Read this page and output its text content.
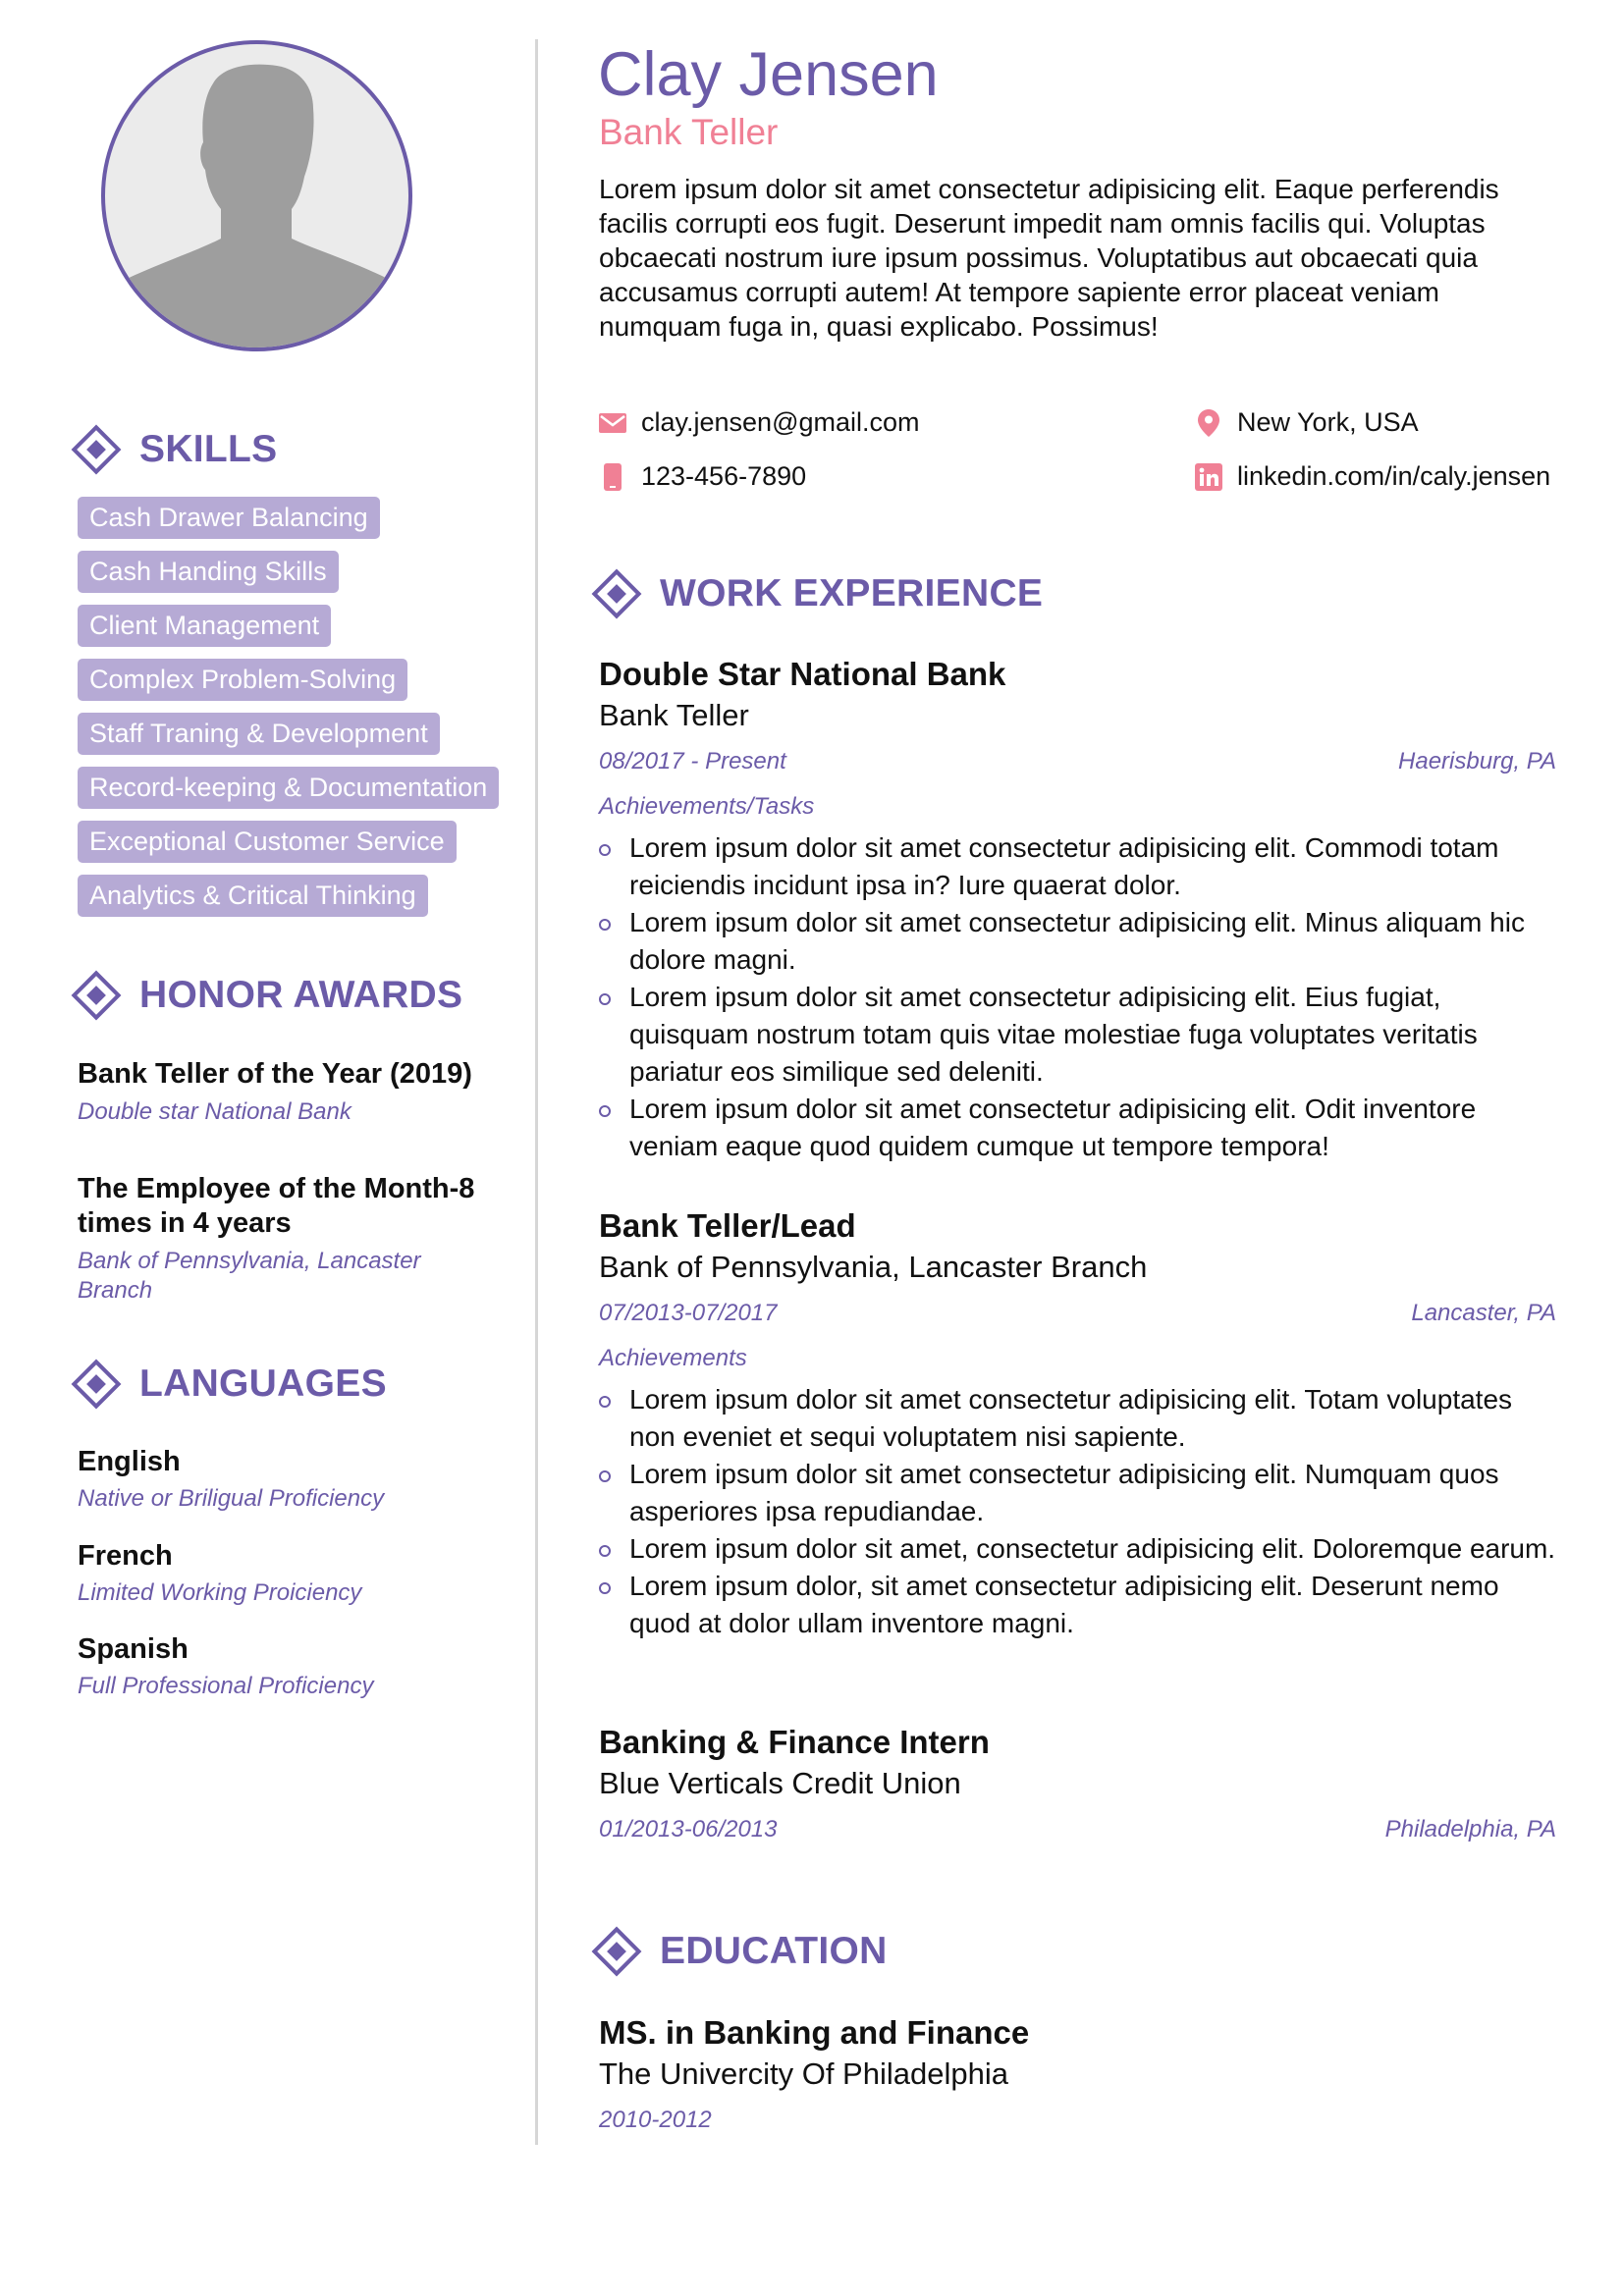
SKILLS
Cash Drawer Balancing
Cash Handing Skills
Client Management
Complex Problem-Solving
Staff Traning & Development
Record-keeping & Documentation
Exceptional Customer Service
Analytics & Critical Thinking
HONOR AWARDS
Bank Teller of the Year (2019)
Double star National Bank
The Employee of the Month-8 times in 4 years
Bank of Pennsylvania, Lancaster Branch
LANGUAGES
English
Native or Briligual Proficiency
French
Limited Working Proiciency
Spanish
Full Professional Proficiency
Clay Jensen
Bank Teller
Lorem ipsum dolor sit amet consectetur adipisicing elit. Eaque perferendis facilis corrupti eos fugit. Deserunt impedit nam omnis facilis qui. Voluptas obcaecati nostrum iure ipsum possimus. Voluptatibus aut obcaecati quia accusamus corrupti autem! At tempore sapiente error placeat veniam numquam fuga in, quasi explicabo. Possimus!
clay.jensen@gmail.com
123-456-7890
New York, USA
linkedin.com/in/caly.jensen
WORK EXPERIENCE
Double Star National Bank
Bank Teller
08/2017 - Present	Haerisburg, PA
Achievements/Tasks
Lorem ipsum dolor sit amet consectetur adipisicing elit. Commodi totam reiciendis incidunt ipsa in? Iure quaerat dolor.
Lorem ipsum dolor sit amet consectetur adipisicing elit. Minus aliquam hic dolore magni.
Lorem ipsum dolor sit amet consectetur adipisicing elit. Eius fugiat, quisquam nostrum totam quis vitae molestiae fuga voluptates veritatis pariatur eos similique sed deleniti.
Lorem ipsum dolor sit amet consectetur adipisicing elit. Odit inventore veniam eaque quod quidem cumque ut tempore tempora!
Bank Teller/Lead
Bank of Pennsylvania, Lancaster Branch
07/2013-07/2017	Lancaster, PA
Achievements
Lorem ipsum dolor sit amet consectetur adipisicing elit. Totam voluptates non eveniet et sequi voluptatem nisi sapiente.
Lorem ipsum dolor sit amet consectetur adipisicing elit. Numquam quos asperiores ipsa repudiandae.
Lorem ipsum dolor sit amet, consectetur adipisicing elit. Doloremque earum.
Lorem ipsum dolor, sit amet consectetur adipisicing elit. Deserunt nemo quod at dolor ullam inventore magni.
Banking & Finance Intern
Blue Verticals Credit Union
01/2013-06/2013	Philadelphia, PA
EDUCATION
MS. in Banking and Finance
The Univercity Of Philadelphia
2010-2012
